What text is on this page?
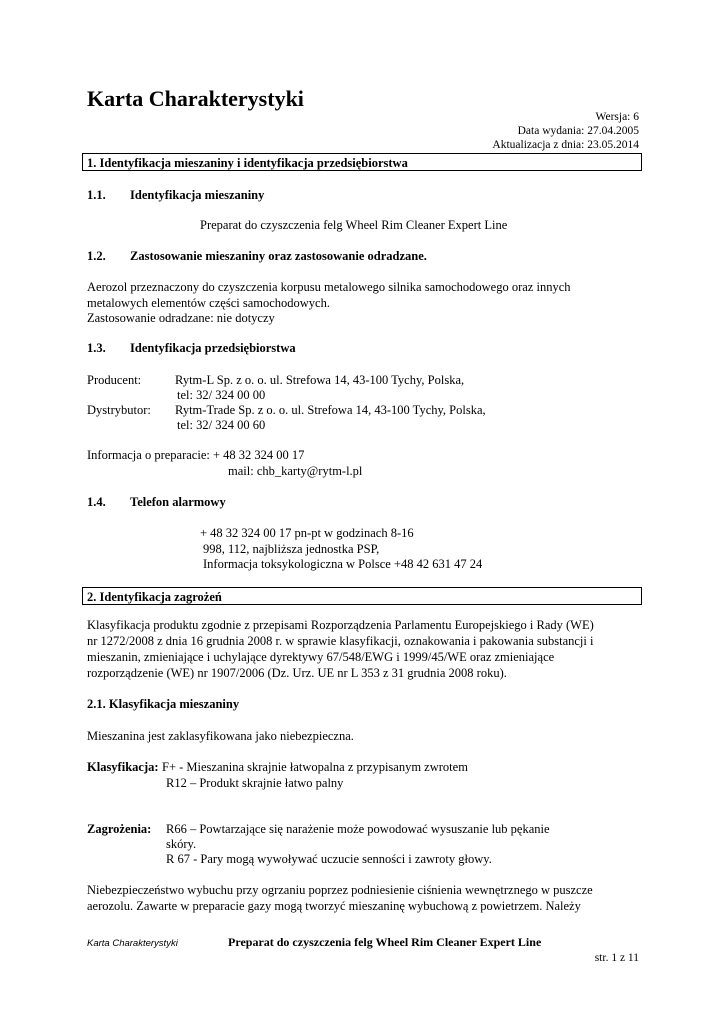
Karta Charakterystyki
Wersja: 6
Data wydania: 27.04.2005
Aktualizacja z dnia: 23.05.2014
1. Identyfikacja mieszaniny i identyfikacja przedsiębiorstwa
1.1. Identyfikacja mieszaniny
Preparat do czyszczenia felg Wheel Rim Cleaner Expert Line
1.2. Zastosowanie mieszaniny oraz zastosowanie odradzane.
Aerozol przeznaczony do czyszczenia korpusu metalowego silnika samochodowego oraz innych
metalowych elementów części samochodowych.
Zastosowanie odradzane: nie dotyczy
1.3. Identyfikacja przedsiębiorstwa
Producent:	Rytm-L Sp. z o. o. ul. Strefowa 14, 43-100 Tychy, Polska,
tel: 32/ 324 00 00
Dystrybutor: Rytm-Trade Sp. z o. o. ul. Strefowa 14, 43-100 Tychy, Polska,
tel: 32/ 324 00 60
Informacja o preparacie: + 48 32 324 00 17
mail: chb_karty@rytm-l.pl
1.4. Telefon alarmowy
+ 48 32 324 00 17 pn-pt w godzinach 8-16
998, 112, najbliższa jednostka PSP,
Informacja toksykologiczna w Polsce +48 42 631 47 24
2. Identyfikacja zagrożeń
Klasyfikacja produktu zgodnie z przepisami Rozporządzenia Parlamentu Europejskiego i Rady (WE)
nr 1272/2008 z dnia 16 grudnia 2008 r. w sprawie klasyfikacji, oznakowania i pakowania substancji i
mieszanin, zmieniające i uchylające dyrektywy 67/548/EWG i 1999/45/WE oraz zmieniające
rozporządzenie (WE) nr 1907/2006 (Dz. Urz. UE nr L 353 z 31 grudnia 2008 roku).
2.1. Klasyfikacja mieszaniny
Mieszanina jest zaklasyfikowana jako niebezpieczna.
Klasyfikacja: F+ - Mieszanina skrajnie łatwopalna z przypisanym zwrotem
R12 – Produkt skrajnie łatwo palny
Zagrożenia: R66 – Powtarzające się narażenie może powodować wysuszanie lub pękanie
skóry.
R 67 - Pary mogą wywoływać uczucie senności i zawroty głowy.
Niebezpieczeństwo wybuchu przy ogrzaniu poprzez podniesienie ciśnienia wewnętrznego w puszcze
aerozolu. Zawarte w preparacie gazy mogą tworzyć mieszaninę wybuchową z powietrzem. Należy
Karta Charakterystyki	Preparat do czyszczenia felg Wheel Rim Cleaner Expert Line
str. 1 z 11
